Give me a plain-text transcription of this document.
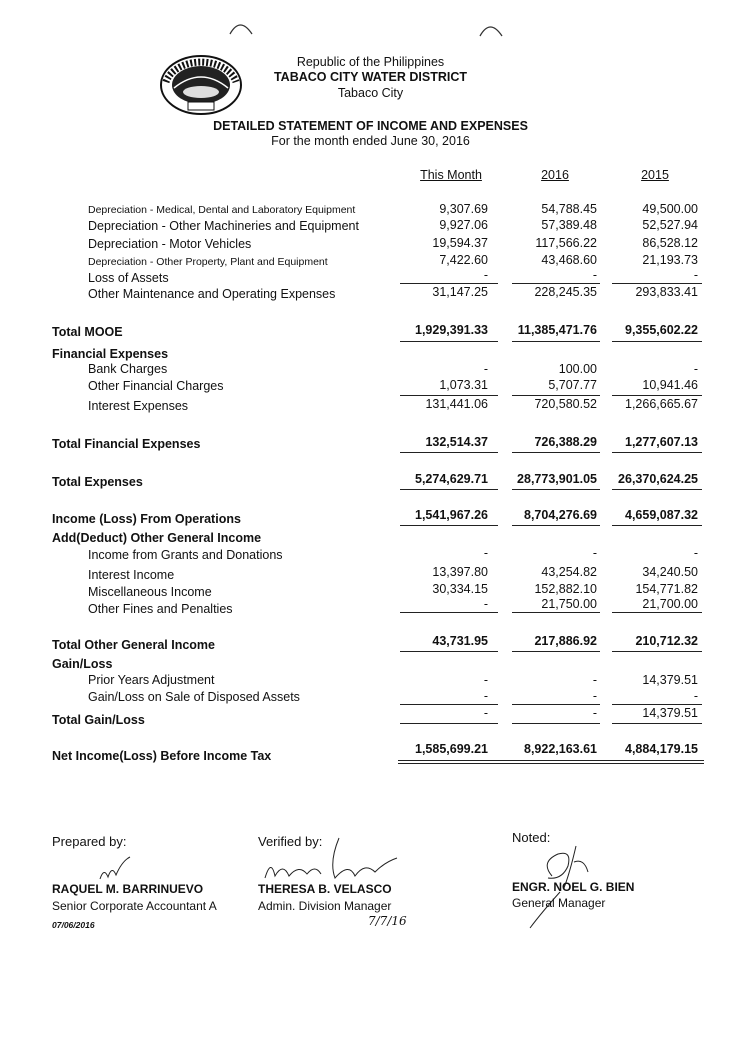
Republic of the Philippines
TABACO CITY WATER DISTRICT
Tabaco City
DETAILED STATEMENT OF INCOME AND EXPENSES
For the month ended June 30, 2016
This Month	2016	2015
Depreciation - Medical, Dental and Laboratory Equipment	9,307.69	54,788.45	49,500.00
Depreciation - Other Machineries and Equipment	9,927.06	57,389.48	52,527.94
Depreciation - Motor Vehicles	19,594.37	117,566.22	86,528.12
Depreciation - Other Property, Plant and Equipment	7,422.60	43,468.60	21,193.73
Loss of Assets	-	-	-
Other Maintenance and Operating Expenses	31,147.25	228,245.35	293,833.41
Total MOOE	1,929,391.33 11,385,471.76 9,355,602.22
Financial Expenses
Bank Charges	-	100.00	-
Other Financial Charges	1,073.31	5,707.77	10,941.46
Interest Expenses	131,441.06	720,580.52 1,266,665.67
Total Financial Expenses	132,514.37	726,388.29 1,277,607.13
Total Expenses	5,274,629.71 28,773,901.05 26,370,624.25
Income (Loss) From Operations	1,541,967.26	8,704,276.69 4,659,087.32
Add(Deduct) Other General Income
Income from Grants and Donations	-	-	-
Interest Income	13,397.80	43,254.82	34,240.50
Miscellaneous Income	30,334.15	152,882.10	154,771.82
Other Fines and Penalties	-	21,750.00	21,700.00
Total Other General Income	43,731.95	217,886.92	210,712.32
Gain/Loss
Prior Years Adjustment	-	-	14,379.51
Gain/Loss on Sale of Disposed Assets	-	-	-
Total Gain/Loss	-	-	14,379.51
Net Income(Loss) Before Income Tax	1,585,699.21	8,922,163.61 4,884,179.15
Prepared by:
RAQUEL M. BARRINUEVO
Senior Corporate Accountant A
07/06/2016
Verified by:
THERESA B. VELASCO
Admin. Division Manager
7/7/16
Noted:
ENGR. NOEL G. BIEN
General Manager
